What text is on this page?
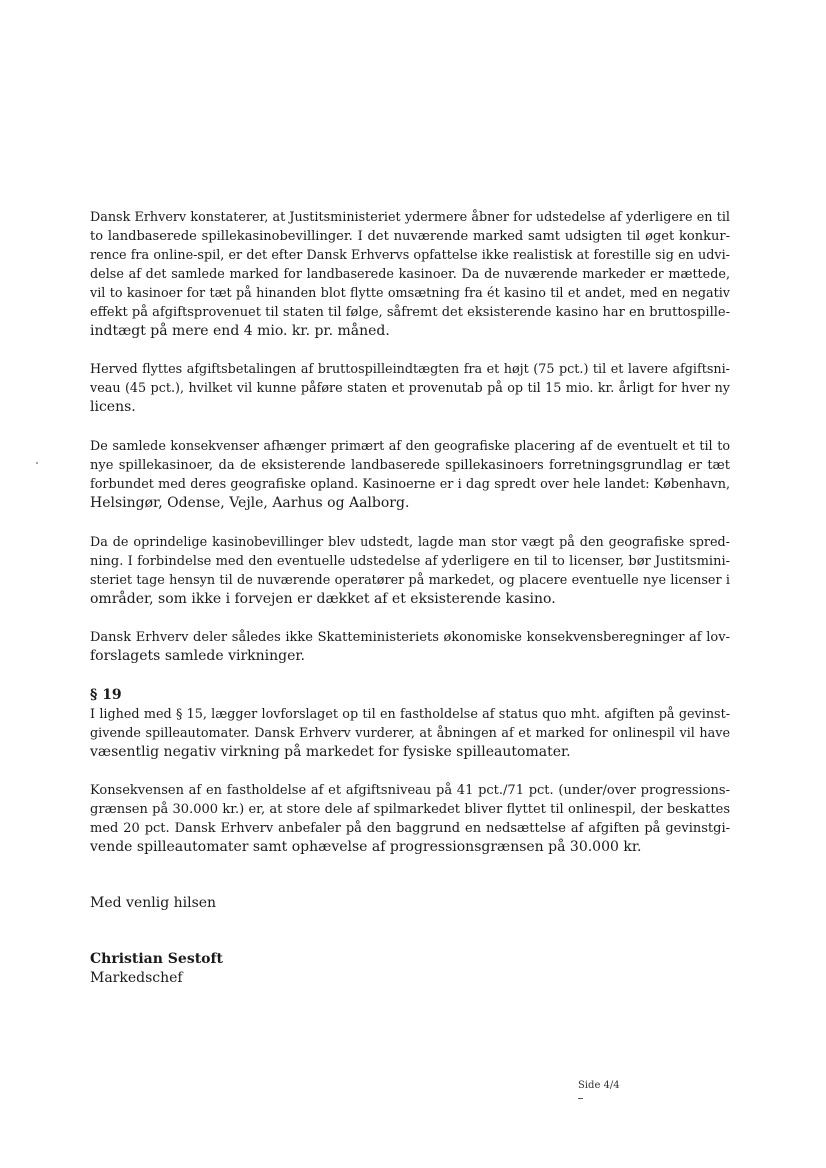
Dansk Erhverv konstaterer, at Justitsministeriet ydermere åbner for udstedelse af yderligere en til
to landbaserede spillekasinobevillinger. I det nuværende marked samt udsigten til øget konkur-
rence fra online-spil, er det efter Dansk Erhvervs opfattelse ikke realistisk at forestille sig en udvi-
delse af det samlede marked for landbaserede kasinoer. Da de nuværende markeder er mættede,
vil to kasinoer for tæt på hinanden blot flytte omsætning fra ét kasino til et andet, med en negativ
effekt på afgiftsprovenuet til staten til følge, såfremt det eksisterende kasino har en bruttospille-
indtægt på mere end 4 mio. kr. pr. måned.
Herved flyttes afgiftsbetalingen af bruttospilleindtægten fra et højt (75 pct.) til et lavere afgiftsni-
veau (45 pct.), hvilket vil kunne påføre staten et provenutab på op til 15 mio. kr. årligt for hver ny
licens.
De samlede konsekvenser afhænger primært af den geografiske placering af de eventuelt et til to
nye spillekasinoer, da de eksisterende landbaserede spillekasinoers forretningsgrundlag er tæt
forbundet med deres geografiske opland. Kasinoerne er i dag spredt over hele landet: København,
Helsingør, Odense, Vejle, Aarhus og Aalborg.
Da de oprindelige kasinobevillinger blev udstedt, lagde man stor vægt på den geografiske spred-
ning. I forbindelse med den eventuelle udstedelse af yderligere en til to licenser, bør Justitsmini-
steriet tage hensyn til de nuværende operatører på markedet, og placere eventuelle nye licenser i
områder, som ikke i forvejen er dækket af et eksisterende kasino.
Dansk Erhverv deler således ikke Skatteministeriets økonomiske konsekvensberegninger af lov-
forslagets samlede virkninger.
§ 19
I lighed med § 15, lægger lovforslaget op til en fastholdelse af status quo mht. afgiften på gevinst-
givende spilleautomater. Dansk Erhverv vurderer, at åbningen af et marked for onlinespil vil have
væsentlig negativ virkning på markedet for fysiske spilleautomater.
Konsekvensen af en fastholdelse af et afgiftsniveau på 41 pct./71 pct. (under/over progressions-
grænsen på 30.000 kr.) er, at store dele af spilmarkedet bliver flyttet til onlinespil, der beskattes
med 20 pct. Dansk Erhverv anbefaler på den baggrund en nedsættelse af afgiften på gevinstgi-
vende spilleautomater samt ophævelse af progressionsgrænsen på 30.000 kr.
Med venlig hilsen
Christian Sestoft
Markedschef
Side 4/4
